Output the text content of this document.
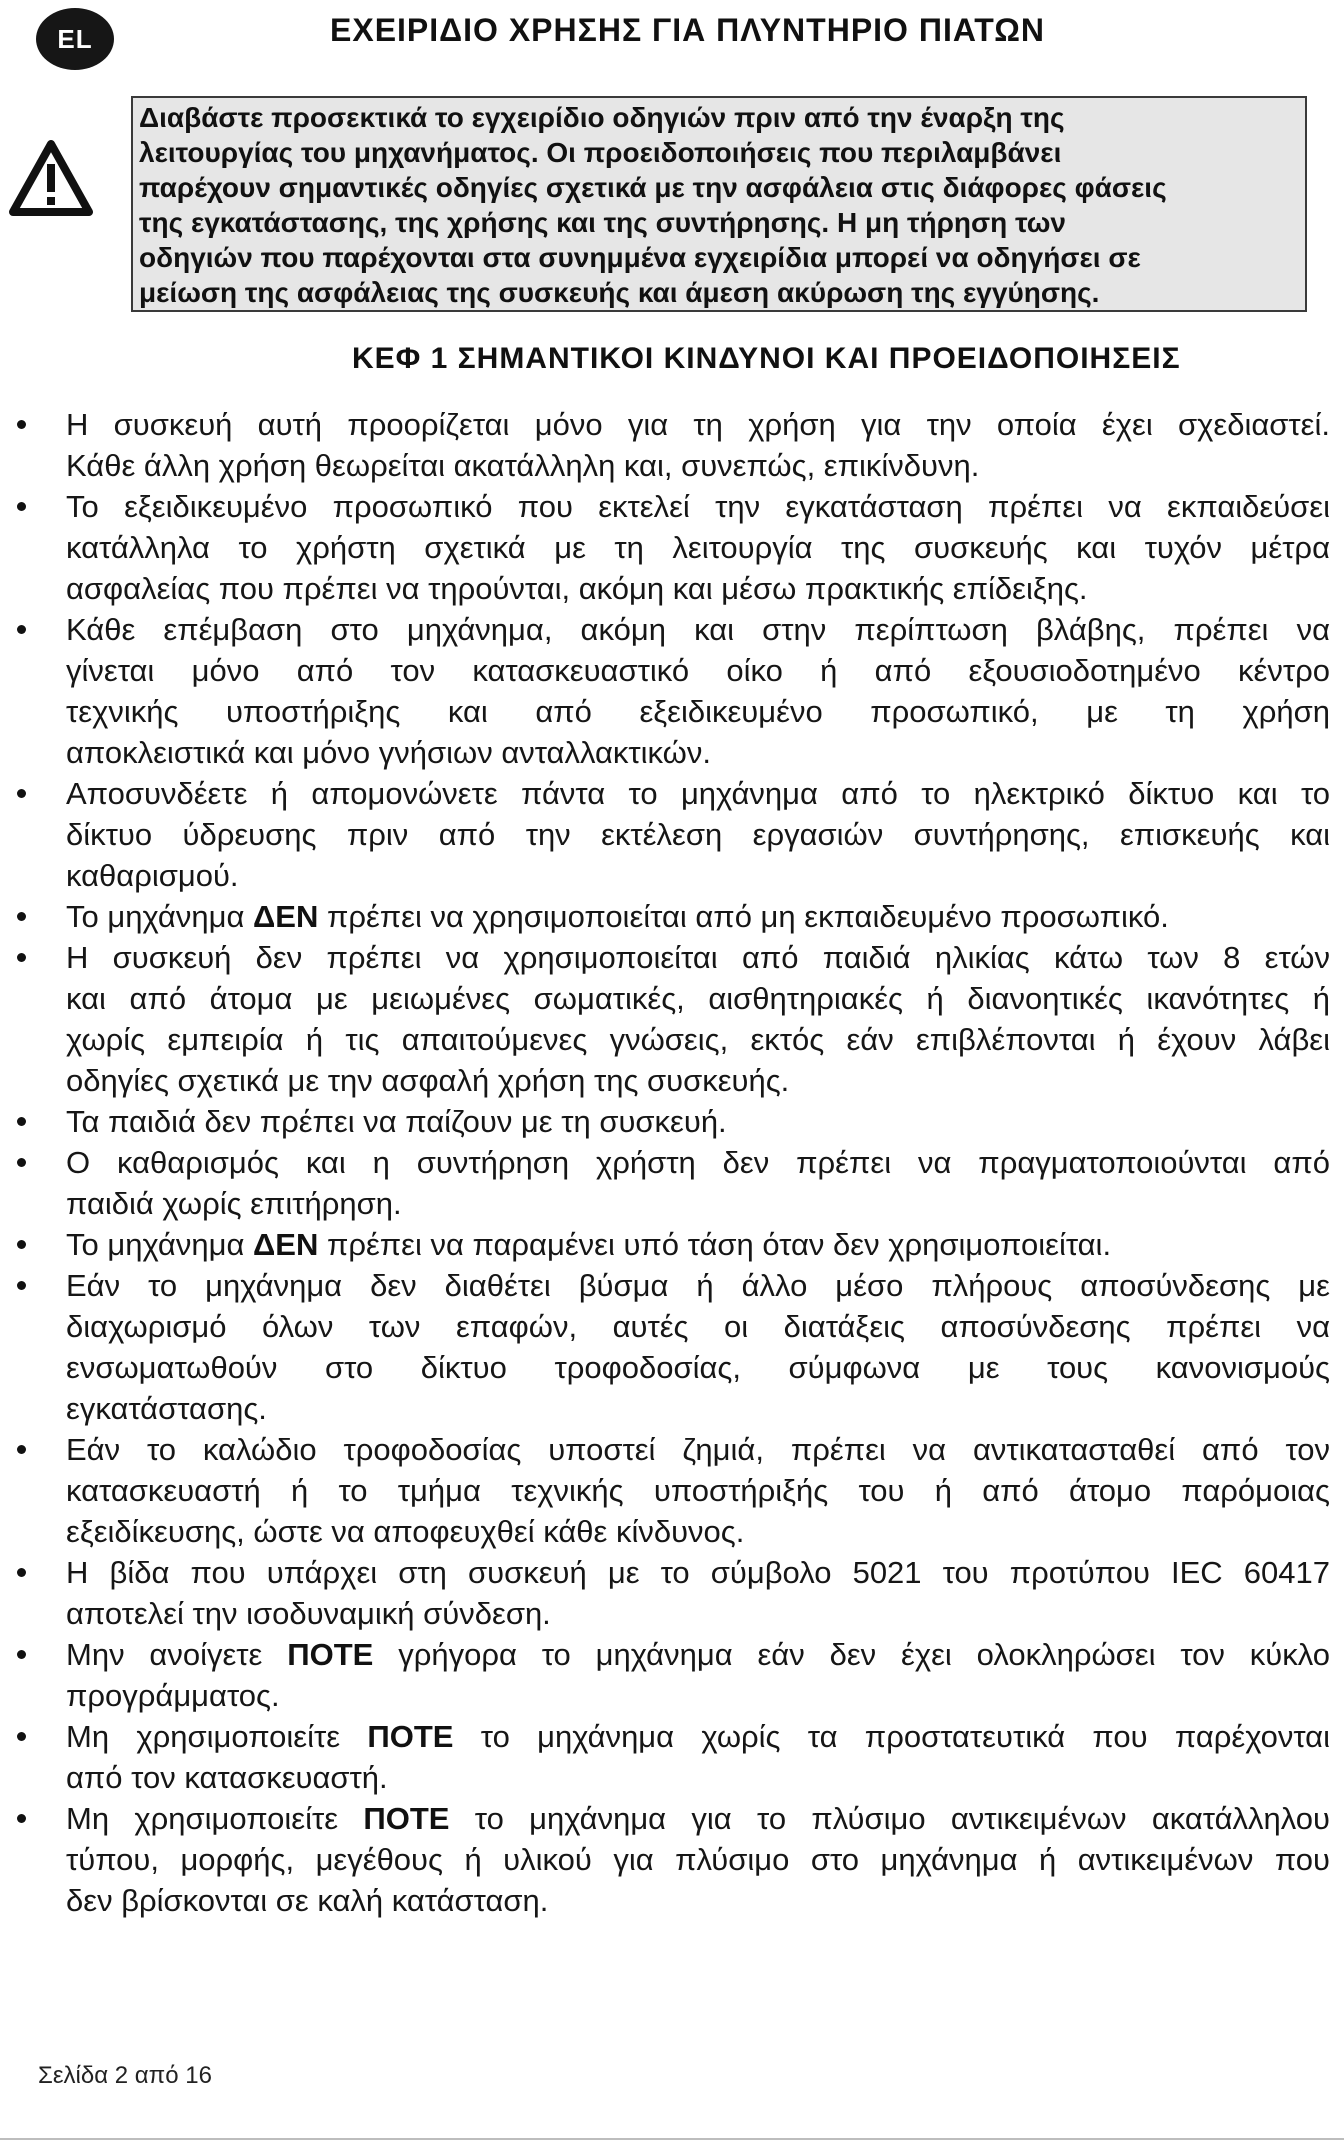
EL	ΕΧΕΙΡΙΔΙΟ ΧΡΗΣΗΣ ΓΙΑ ΠΛΥΝΤΗΡΙΟ ΠΙΑΤΩΝ
Διαβάστε προσεκτικά το εγχειρίδιο οδηγιών πριν από την έναρξη της
λειτουργίας του μηχανήματος. Οι προειδοποιήσεις που περιλαμβάνει
παρέχουν σημαντικές οδηγίες σχετικά με την ασφάλεια στις διάφορες φάσεις
της εγκατάστασης, της χρήσης και της συντήρησης. Η μη τήρηση των
οδηγιών που παρέχονται στα συνημμένα εγχειρίδια μπορεί να οδηγήσει σε
μείωση της ασφάλειας της συσκευής και άμεση ακύρωση της εγγύησης.
ΚΕΦ 1 ΣΗΜΑΝΤΙΚΟΙ ΚΙΝΔΥΝΟΙ ΚΑΙ ΠΡΟΕΙΔΟΠΟΙΗΣΕΙΣ
Η συσκευή αυτή προορίζεται μόνο για τη χρήση για την οποία έχει σχεδιαστεί.
Κάθε άλλη χρήση θεωρείται ακατάλληλη και, συνεπώς, επικίνδυνη.
Το εξειδικευμένο προσωπικό που εκτελεί την εγκατάσταση πρέπει να εκπαιδεύσει
κατάλληλα το χρήστη σχετικά με τη λειτουργία της συσκευής και τυχόν μέτρα
ασφαλείας που πρέπει να τηρούνται, ακόμη και μέσω πρακτικής επίδειξης.
Κάθε επέμβαση στο μηχάνημα, ακόμη και στην περίπτωση βλάβης, πρέπει να
γίνεται μόνο από τον κατασκευαστικό οίκο ή από εξουσιοδοτημένο κέντρο
τεχνικής υποστήριξης και από εξειδικευμένο προσωπικό, με τη χρήση
αποκλειστικά και μόνο γνήσιων ανταλλακτικών.
Αποσυνδέετε ή απομονώνετε πάντα το μηχάνημα από το ηλεκτρικό δίκτυο και το
δίκτυο ύδρευσης πριν από την εκτέλεση εργασιών συντήρησης, επισκευής και
καθαρισμού.
Το μηχάνημα ΔΕΝ πρέπει να χρησιμοποιείται από μη εκπαιδευμένο προσωπικό.
Η συσκευή δεν πρέπει να χρησιμοποιείται από παιδιά ηλικίας κάτω των 8 ετών
και από άτομα με μειωμένες σωματικές, αισθητηριακές ή διανοητικές ικανότητες ή
χωρίς εμπειρία ή τις απαιτούμενες γνώσεις, εκτός εάν επιβλέπονται ή έχουν λάβει
οδηγίες σχετικά με την ασφαλή χρήση της συσκευής.
Τα παιδιά δεν πρέπει να παίζουν με τη συσκευή.
Ο καθαρισμός και η συντήρηση χρήστη δεν πρέπει να πραγματοποιούνται από
παιδιά χωρίς επιτήρηση.
Το μηχάνημα ΔΕΝ πρέπει να παραμένει υπό τάση όταν δεν χρησιμοποιείται.
Εάν το μηχάνημα δεν διαθέτει βύσμα ή άλλο μέσο πλήρους αποσύνδεσης με
διαχωρισμό όλων των επαφών, αυτές οι διατάξεις αποσύνδεσης πρέπει να
ενσωματωθούν στο δίκτυο τροφοδοσίας, σύμφωνα με τους κανονισμούς
εγκατάστασης.
Εάν το καλώδιο τροφοδοσίας υποστεί ζημιά, πρέπει να αντικατασταθεί από τον
κατασκευαστή ή το τμήμα τεχνικής υποστήριξής του ή από άτομο παρόμοιας
εξειδίκευσης, ώστε να αποφευχθεί κάθε κίνδυνος.
Η βίδα που υπάρχει στη συσκευή με το σύμβολο 5021 του προτύπου IEC 60417
αποτελεί την ισοδυναμική σύνδεση.
Μην ανοίγετε ΠΟΤΕ γρήγορα το μηχάνημα εάν δεν έχει ολοκληρώσει τον κύκλο
προγράμματος.
Μη χρησιμοποιείτε ΠΟΤΕ το μηχάνημα χωρίς τα προστατευτικά που παρέχονται
από τον κατασκευαστή.
Μη χρησιμοποιείτε ΠΟΤΕ το μηχάνημα για το πλύσιμο αντικειμένων ακατάλληλου
τύπου, μορφής, μεγέθους ή υλικού για πλύσιμο στο μηχάνημα ή αντικειμένων που
δεν βρίσκονται σε καλή κατάσταση.
Σελίδα 2 από 16
